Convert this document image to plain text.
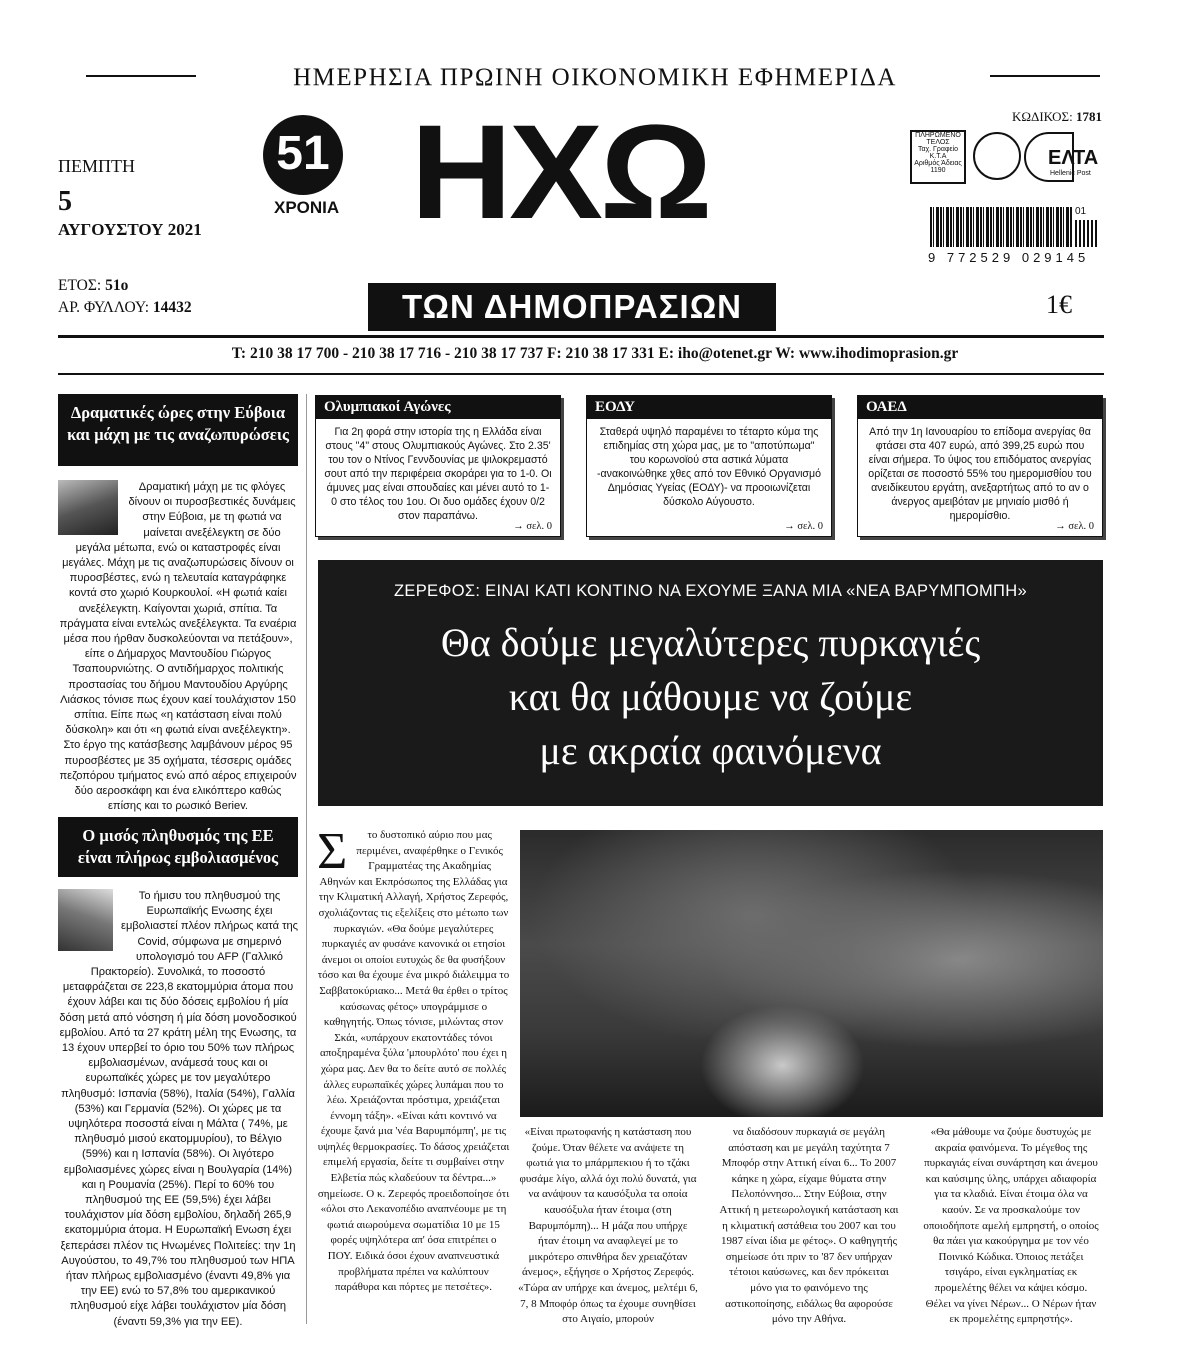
ΗΜΕΡΗΣΙΑ ΠΡΩΙΝΗ ΟΙΚΟΝΟΜΙΚΗ ΕΦΗΜΕΡΙΔΑ
ΠΕΜΠΤΗ
5
ΑΥΓΟΥΣΤΟΥ 2021
ΕΤΟΣ: 51ο
ΑΡ. ΦΥΛΛΟΥ: 14432
51
ΧΡΟΝΙΑ ΗΧΩ
ΤΩΝ ΔΗΜΟΠΡΑΣΙΩΝ
ΚΩΔΙΚΟΣ: 1781
ΠΛΗΡΩΜΕΝΟ ΤΕΛΟΣ
Ταχ. Γραφείο Κ.Τ.Α
Αριθμός Άδειας 1190
ΕΛΤΑ
Hellenic Post
01
9 772529 029145
1€
T: 210 38 17 700 - 210 38 17 716 - 210 38 17 737 F: 210 38 17 331 E: iho@otenet.gr W: www.ihodimoprasion.gr
Δραματικές ώρες στην Εύβοια και μάχη με τις αναζωπυρώσεις
Δραματική μάχη με τις φλόγες δίνουν οι πυροσβεστικές δυνάμεις στην Εύβοια, με τη φωτιά να μαίνεται ανεξέλεγκτη σε δύο μεγάλα μέτωπα, ενώ οι καταστροφές είναι μεγάλες. Μάχη με τις αναζωπυρώσεις δίνουν οι πυροσβέστες, ενώ η τελευταία καταγράφηκε κοντά στο χωριό Κουρκουλοί. «Η φωτιά καίει ανεξέλεγκτη. Καίγονται χωριά, σπίτια. Τα πράγματα είναι εντελώς ανεξέλεγκτα. Τα εναέρια μέσα που ήρθαν δυσκολεύονται να πετάξουν», είπε ο Δήμαρχος Μαντουδίου Γιώργος Τσαπουρνιώτης. Ο αντιδήμαρχος πολιτικής προστασίας του δήμου Μαντουδίου Αργύρης Λιάσκος τόνισε πως έχουν καεί τουλάχιστον 150 σπίτια. Είπε πως «η κατάσταση είναι πολύ δύσκολη» και ότι «η φωτιά είναι ανεξέλεγκτη». Στο έργο της κατάσβεσης λαμβάνουν μέρος 95 πυροσβέστες με 35 οχήματα, τέσσερις ομάδες πεζοπόρου τμήματος ενώ από αέρος επιχειρούν δύο αεροσκάφη και ένα ελικόπτερο καθώς επίσης και το ρωσικό Beriev.
Ο μισός πληθυσμός της ΕΕ είναι πλήρως εμβολιασμένος
Το ήμισυ του πληθυσμού της Ευρωπαϊκής Ενωσης έχει εμβολιαστεί πλέον πλήρως κατά της Covid, σύμφωνα με σημερινό υπολογισμό του AFP (Γαλλικό Πρακτορείο). Συνολικά, το ποσοστό μεταφράζεται σε 223,8 εκατομμύρια άτομα που έχουν λάβει και τις δύο δόσεις εμβολίου ή μία δόση μετά από νόσηση ή μία δόση μονοδοσικού εμβολίου. Από τα 27 κράτη μέλη της Ενωσης, τα 13 έχουν υπερβεί το όριο του 50% των πλήρως εμβολιασμένων, ανάμεσά τους και οι ευρωπαϊκές χώρες με τον μεγαλύτερο πληθυσμό: Ισπανία (58%), Ιταλία (54%), Γαλλία (53%) και Γερμανία (52%). Οι χώρες με τα υψηλότερα ποσοστά είναι η Μάλτα ( 74%, με πληθυσμό μισού εκατομμυρίου), το Βέλγιο (59%) και η Ισπανία (58%). Οι λιγότερο εμβολιασμένες χώρες είναι η Βουλγαρία (14%) και η Ρουμανία (25%). Περί το 60% του πληθυσμού της ΕΕ (59,5%) έχει λάβει τουλάχιστον μία δόση εμβολίου, δηλαδή 265,9 εκατομμύρια άτομα. Η Ευρωπαϊκή Ενωση έχει ξεπεράσει πλέον τις Ηνωμένες Πολιτείες: την 1η Αυγούστου, το 49,7% του πληθυσμού των ΗΠΑ ήταν πλήρως εμβολιασμένο (έναντι 49,8% για την ΕΕ) ενώ το 57,8% του αμερικανικού πληθυσμού είχε λάβει τουλάχιστον μία δόση (έναντι 59,3% για την ΕΕ).
Ολυμπιακοί Αγώνες
Για 2η φορά στην ιστορία της η Ελλάδα είναι στους "4" στους Ολυμπιακούς Αγώνες. Στο 2.35' του τον ο Ντίνος Γεννδουνίας με ψιλοκρεμαστό σουτ από την περιφέρεια σκοράρει για το 1-0. Οι άμυνες μας είναι σπουδαίες και μένει αυτό το 1-0 στο τέλος του 1ου. Οι δυο ομάδες έχουν 0/2 στον παραπάνω.
→ σελ. 0
ΕΟΔΥ
Σταθερά υψηλό παραμένει το τέταρτο κύμα της επιδημίας στη χώρα μας, με το "αποτύπωμα" του κορωνοϊού στα αστικά λύματα -ανακοινώθηκε χθες από τον Εθνικό Οργανισμό Δημόσιας Υγείας (ΕΟΔΥ)- να προοιωνίζεται δύσκολο Αύγουστο.
→ σελ. 0
ΟΑΕΔ
Από την 1η Ιανουαρίου το επίδομα ανεργίας θα φτάσει στα 407 ευρώ, από 399,25 ευρώ που είναι σήμερα. Το ύψος του επιδόματος ανεργίας ορίζεται σε ποσοστό 55% του ημερομισθίου του ανειδίκευτου εργάτη, ανεξαρτήτως από το αν ο άνεργος αμειβόταν με μηνιαίο μισθό ή ημερομίσθιο.
→ σελ. 0
ΖΕΡΕΦΟΣ: ΕΙΝΑΙ ΚΑΤΙ ΚΟΝΤΙΝΟ ΝΑ ΕΧΟΥΜΕ ΞΑΝΑ ΜΙΑ «ΝΕΑ ΒΑΡΥΜΠΟΜΠΗ»
Θα δούμε μεγαλύτερες πυρκαγιές
και θα μάθουμε να ζούμε
με ακραία φαινόμενα
Σ το δυστοπικό αύριο που μας περιμένει, αναφέρθηκε ο Γενικός Γραμματέας της Ακαδημίας Αθηνών και Εκπρόσωπος της Ελλάδας για την Κλιματική Αλλαγή, Χρήστος Ζερεφός, σχολιάζοντας τις εξελίξεις στο μέτωπο των πυρκαγιών. «Θα δούμε μεγαλύτερες πυρκαγιές αν φυσάνε κανονικά οι ετησίοι άνεμοι οι οποίοι ευτυχώς δε θα φυσήξουν τόσο και θα έχουμε ένα μικρό διάλειμμα το Σαββατοκύριακο... Μετά θα έρθει ο τρίτος καύσωνας φέτος» υπογράμμισε ο καθηγητής. Όπως τόνισε, μιλώντας στον Σκάι, «υπάρχουν εκατοντάδες τόνοι αποξηραμένα ξύλα 'μπουρλότο' που έχει η χώρα μας. Δεν θα το δείτε αυτό σε πολλές άλλες ευρωπαϊκές χώρες λυπάμαι που το λέω. Χρειάζονται πρόστιμα, χρειάζεται έννομη τάξη». «Είναι κάτι κοντινό να έχουμε ξανά μια 'νέα Βαρυμπόμπη', με τις υψηλές θερμοκρασίες. Το δάσος χρειάζεται επιμελή εργασία, δείτε τι συμβαίνει στην Ελβετία πώς κλαδεύουν τα δέντρα...» σημείωσε. Ο κ. Ζερεφός προειδοποίησε ότι «όλοι στο Λεκανοπέδιο αναπνέουμε με τη φωτιά αιωρούμενα σωματίδια 10 με 15 φορές υψηλότερα απ' όσα επιτρέπει ο ΠΟΥ. Ειδικά όσοι έχουν αναπνευστικά προβλήματα πρέπει να καλύπτουν παράθυρα και πόρτες με πετσέτες».
«Είναι πρωτοφανής η κατάσταση που ζούμε. Όταν θέλετε να ανάψετε τη φωτιά για το μπάρμπεκιου ή το τζάκι φυσάμε λίγο, αλλά όχι πολύ δυνατά, για να ανάψουν τα καυσόξυλα τα οποία καυσόξυλα ήταν έτοιμα (στη Βαρυμπόμπη)... Η μάζα που υπήρχε ήταν έτοιμη να αναφλεγεί με το μικρότερο σπινθήρα δεν χρειαζόταν άνεμος», εξήγησε ο Χρήστος Ζερεφός. «Τώρα αν υπήρχε και άνεμος, μελτέμι 6, 7, 8 Μποφόρ όπως τα έχουμε συνηθίσει στο Αιγαίο, μπορούν
να διαδόσουν πυρκαγιά σε μεγάλη απόσταση και με μεγάλη ταχύτητα 7 Μποφόρ στην Αττική είναι 6... Το 2007 κάηκε η χώρα, είχαμε θύματα στην Πελοπόννησο... Στην Εύβοια, στην Αττική η μετεωρολογική κατάσταση και η κλιματική αστάθεια του 2007 και του 1987 είναι ίδια με φέτος». Ο καθηγητής σημείωσε ότι πριν το '87 δεν υπήρχαν τέτοιοι καύσωνες, και δεν πρόκειται μόνο για το φαινόμενο της αστικοποίησης, ειδάλως θα αφορούσε μόνο την Αθήνα.
«Θα μάθουμε να ζούμε δυστυχώς με ακραία φαινόμενα. Το μέγεθος της πυρκαγιάς είναι συνάρτηση και άνεμου και καύσιμης ύλης, υπάρχει αδιαφορία για τα κλαδιά. Είναι έτοιμα όλα να καούν. Σε να προσκαλούμε τον οποιοδήποτε αμελή εμπρηστή, ο οποίος θα πάει για κακούργημα με τον νέο Ποινικό Κώδικα. Όποιος πετάξει τσιγάρο, είναι εγκληματίας εκ προμελέτης θέλει να κάψει κόσμο. Θέλει να γίνει Νέρων... Ο Νέρων ήταν εκ προμελέτης εμπρηστής».
